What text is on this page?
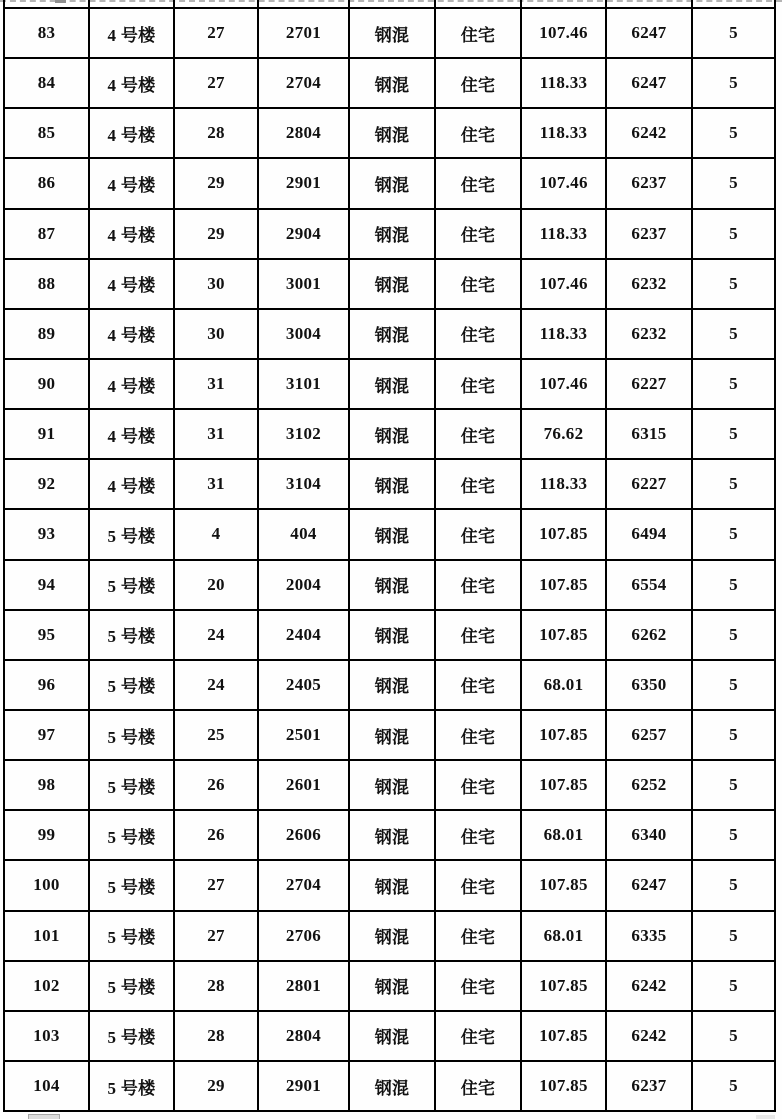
83	4 号楼	27	2701	钢混	住宅	107.46	6247	5
84	4 号楼	27	2704	钢混	住宅	118.33	6247	5
85	4 号楼	28	2804	钢混	住宅	118.33	6242	5
86	4 号楼	29	2901	钢混	住宅	107.46	6237	5
87	4 号楼	29	2904	钢混	住宅	118.33	6237	5
88	4 号楼	30	3001	钢混	住宅	107.46	6232	5
89	4 号楼	30	3004	钢混	住宅	118.33	6232	5
90	4 号楼	31	3101	钢混	住宅	107.46	6227	5
91	4 号楼	31	3102	钢混	住宅	76.62	6315	5
92	4 号楼	31	3104	钢混	住宅	118.33	6227	5
93	5 号楼	4	404	钢混	住宅	107.85	6494	5
94	5 号楼	20	2004	钢混	住宅	107.85	6554	5
95	5 号楼	24	2404	钢混	住宅	107.85	6262	5
96	5 号楼	24	2405	钢混	住宅	68.01	6350	5
97	5 号楼	25	2501	钢混	住宅	107.85	6257	5
98	5 号楼	26	2601	钢混	住宅	107.85	6252	5
99	5 号楼	26	2606	钢混	住宅	68.01	6340	5
100	5 号楼	27	2704	钢混	住宅	107.85	6247	5
101	5 号楼	27	2706	钢混	住宅	68.01	6335	5
102	5 号楼	28	2801	钢混	住宅	107.85	6242	5
103	5 号楼	28	2804	钢混	住宅	107.85	6242	5
104	5 号楼	29	2901	钢混	住宅	107.85	6237	5
